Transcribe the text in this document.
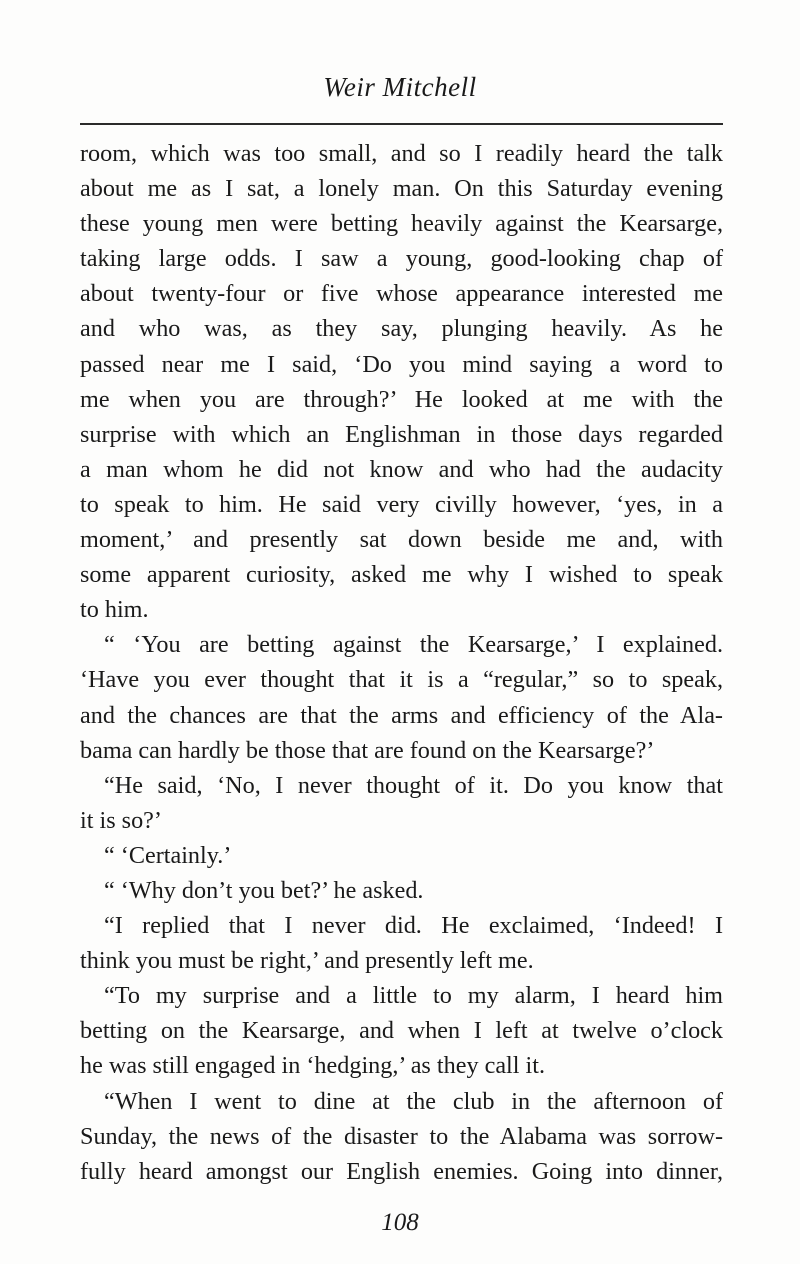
Weir Mitchell
room, which was too small, and so I readily heard the talk
about me as I sat, a lonely man. On this Saturday evening
these young men were betting heavily against the Kearsarge,
taking large odds. I saw a young, good-looking chap of
about twenty-four or five whose appearance interested me
and who was, as they say, plunging heavily. As he
passed near me I said, ‘Do you mind saying a word to
me when you are through?’ He looked at me with the
surprise with which an Englishman in those days regarded
a man whom he did not know and who had the audacity
to speak to him. He said very civilly however, ‘yes, in a
moment,’ and presently sat down beside me and, with
some apparent curiosity, asked me why I wished to speak
to him.
“ ‘You are betting against the Kearsarge,’ I explained.
‘Have you ever thought that it is a “regular,” so to speak,
and the chances are that the arms and efficiency of the Ala-
bama can hardly be those that are found on the Kearsarge?’
“He said, ‘No, I never thought of it. Do you know that
it is so?’
“ ‘Certainly.’
“ ‘Why don’t you bet?’ he asked.
“I replied that I never did. He exclaimed, ‘Indeed! I
think you must be right,’ and presently left me.
“To my surprise and a little to my alarm, I heard him
betting on the Kearsarge, and when I left at twelve o’clock
he was still engaged in ‘hedging,’ as they call it.
“When I went to dine at the club in the afternoon of
Sunday, the news of the disaster to the Alabama was sorrow-
fully heard amongst our English enemies. Going into dinner,
108
